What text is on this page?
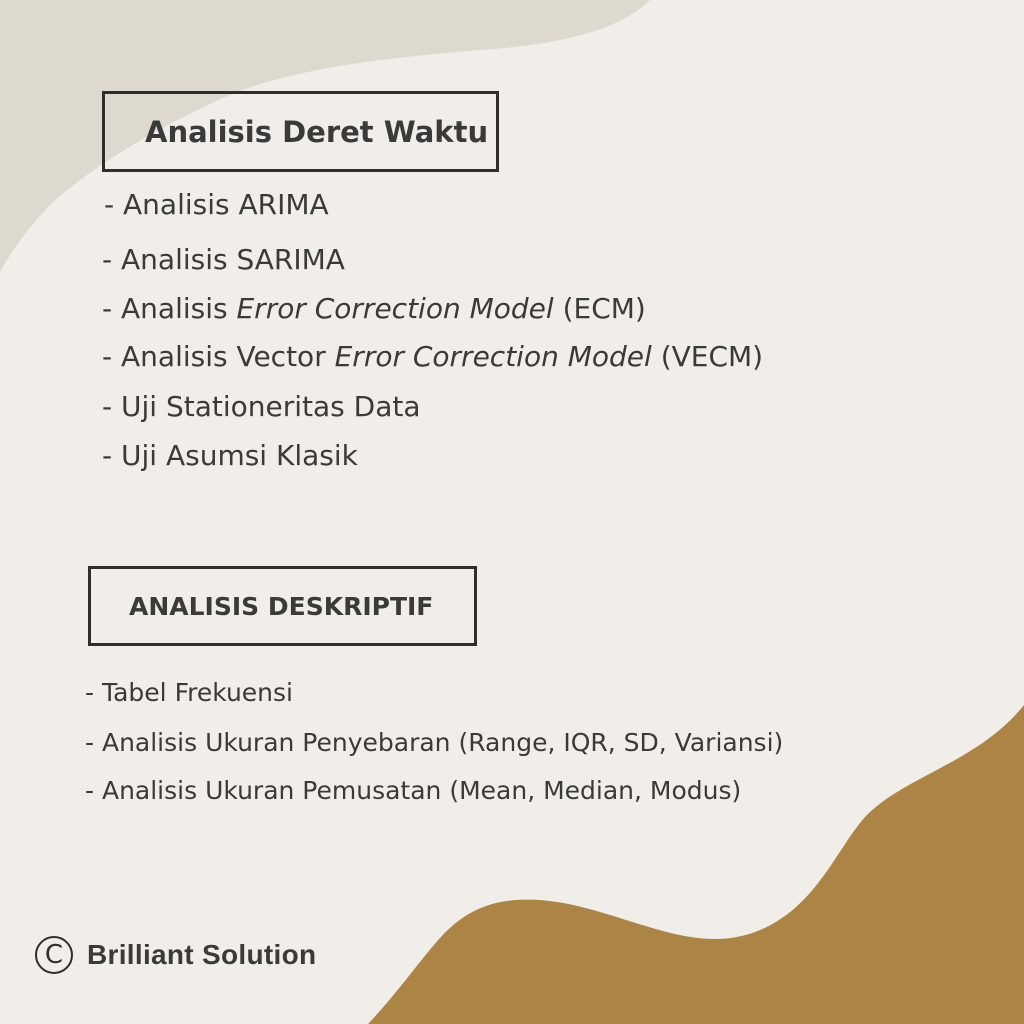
Analisis Deret Waktu
- Analisis ARIMA
- Analisis SARIMA
- Analisis Error Correction Model (ECM)
- Analisis Vector Error Correction Model (VECM)
- Uji Stationeritas Data
- Uji Asumsi Klasik
ANALISIS DESKRIPTIF
- Tabel Frekuensi
- Analisis Ukuran Penyebaran (Range, IQR, SD, Variansi)
- Analisis Ukuran Pemusatan (Mean, Median, Modus)
C Brilliant Solution
